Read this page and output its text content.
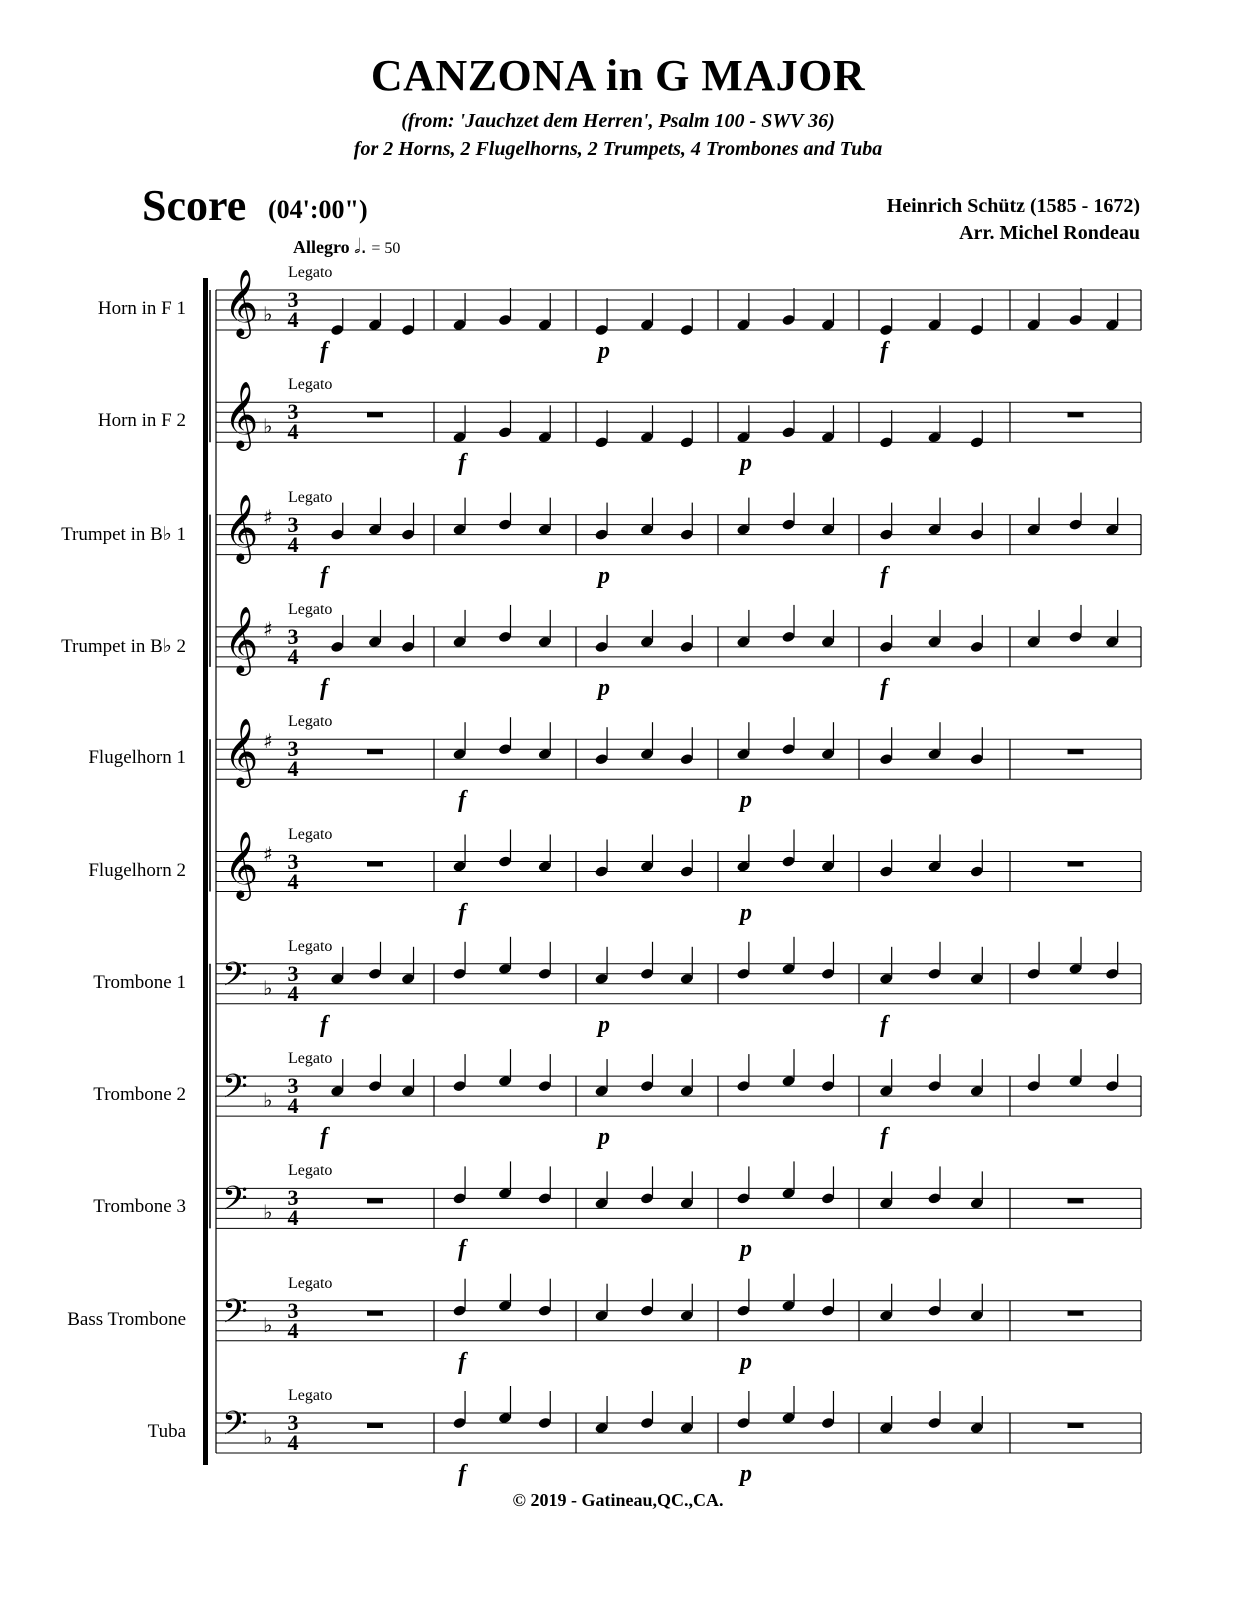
CANZONA in G MAJOR
(from: 'Jauchzet dem Herren', Psalm 100 - SWV 36)
for 2 Horns, 2 Flugelhorns, 2 Trumpets, 4 Trombones and Tuba
Score (04':00")	Heinrich Schütz (1585 - 1672)
Arr. Michel Rondeau
Allegro 𝅗𝅥. = 50
Horn in F 1
Legato
𝄞 ♭
3
4
f	p	f
Horn in F 2
Legato
𝄞 ♭
3
4
f	p
Trumpet in B♭ 1
Legato
𝄞 ♯ 3
4
f	p	f
Trumpet in B♭ 2
Legato
𝄞 ♯ 3
4
f	p	f
Flugelhorn 1
Legato
𝄞 ♯ 3
4
f	p
Flugelhorn 2
Legato
𝄞 ♯ 3
4
f	p
Trombone 1
Legato
𝄢 ♭
3
4
f	p	f
Trombone 2
Legato
𝄢 ♭
3
4
f	p	f
Trombone 3
Legato
𝄢 ♭
3
4
f	p
Bass Trombone
Legato
𝄢 ♭
3
4
f	p
Tuba
Legato
𝄢 ♭
3
4
f	p
© 2019 - Gatineau,QC.,CA.
